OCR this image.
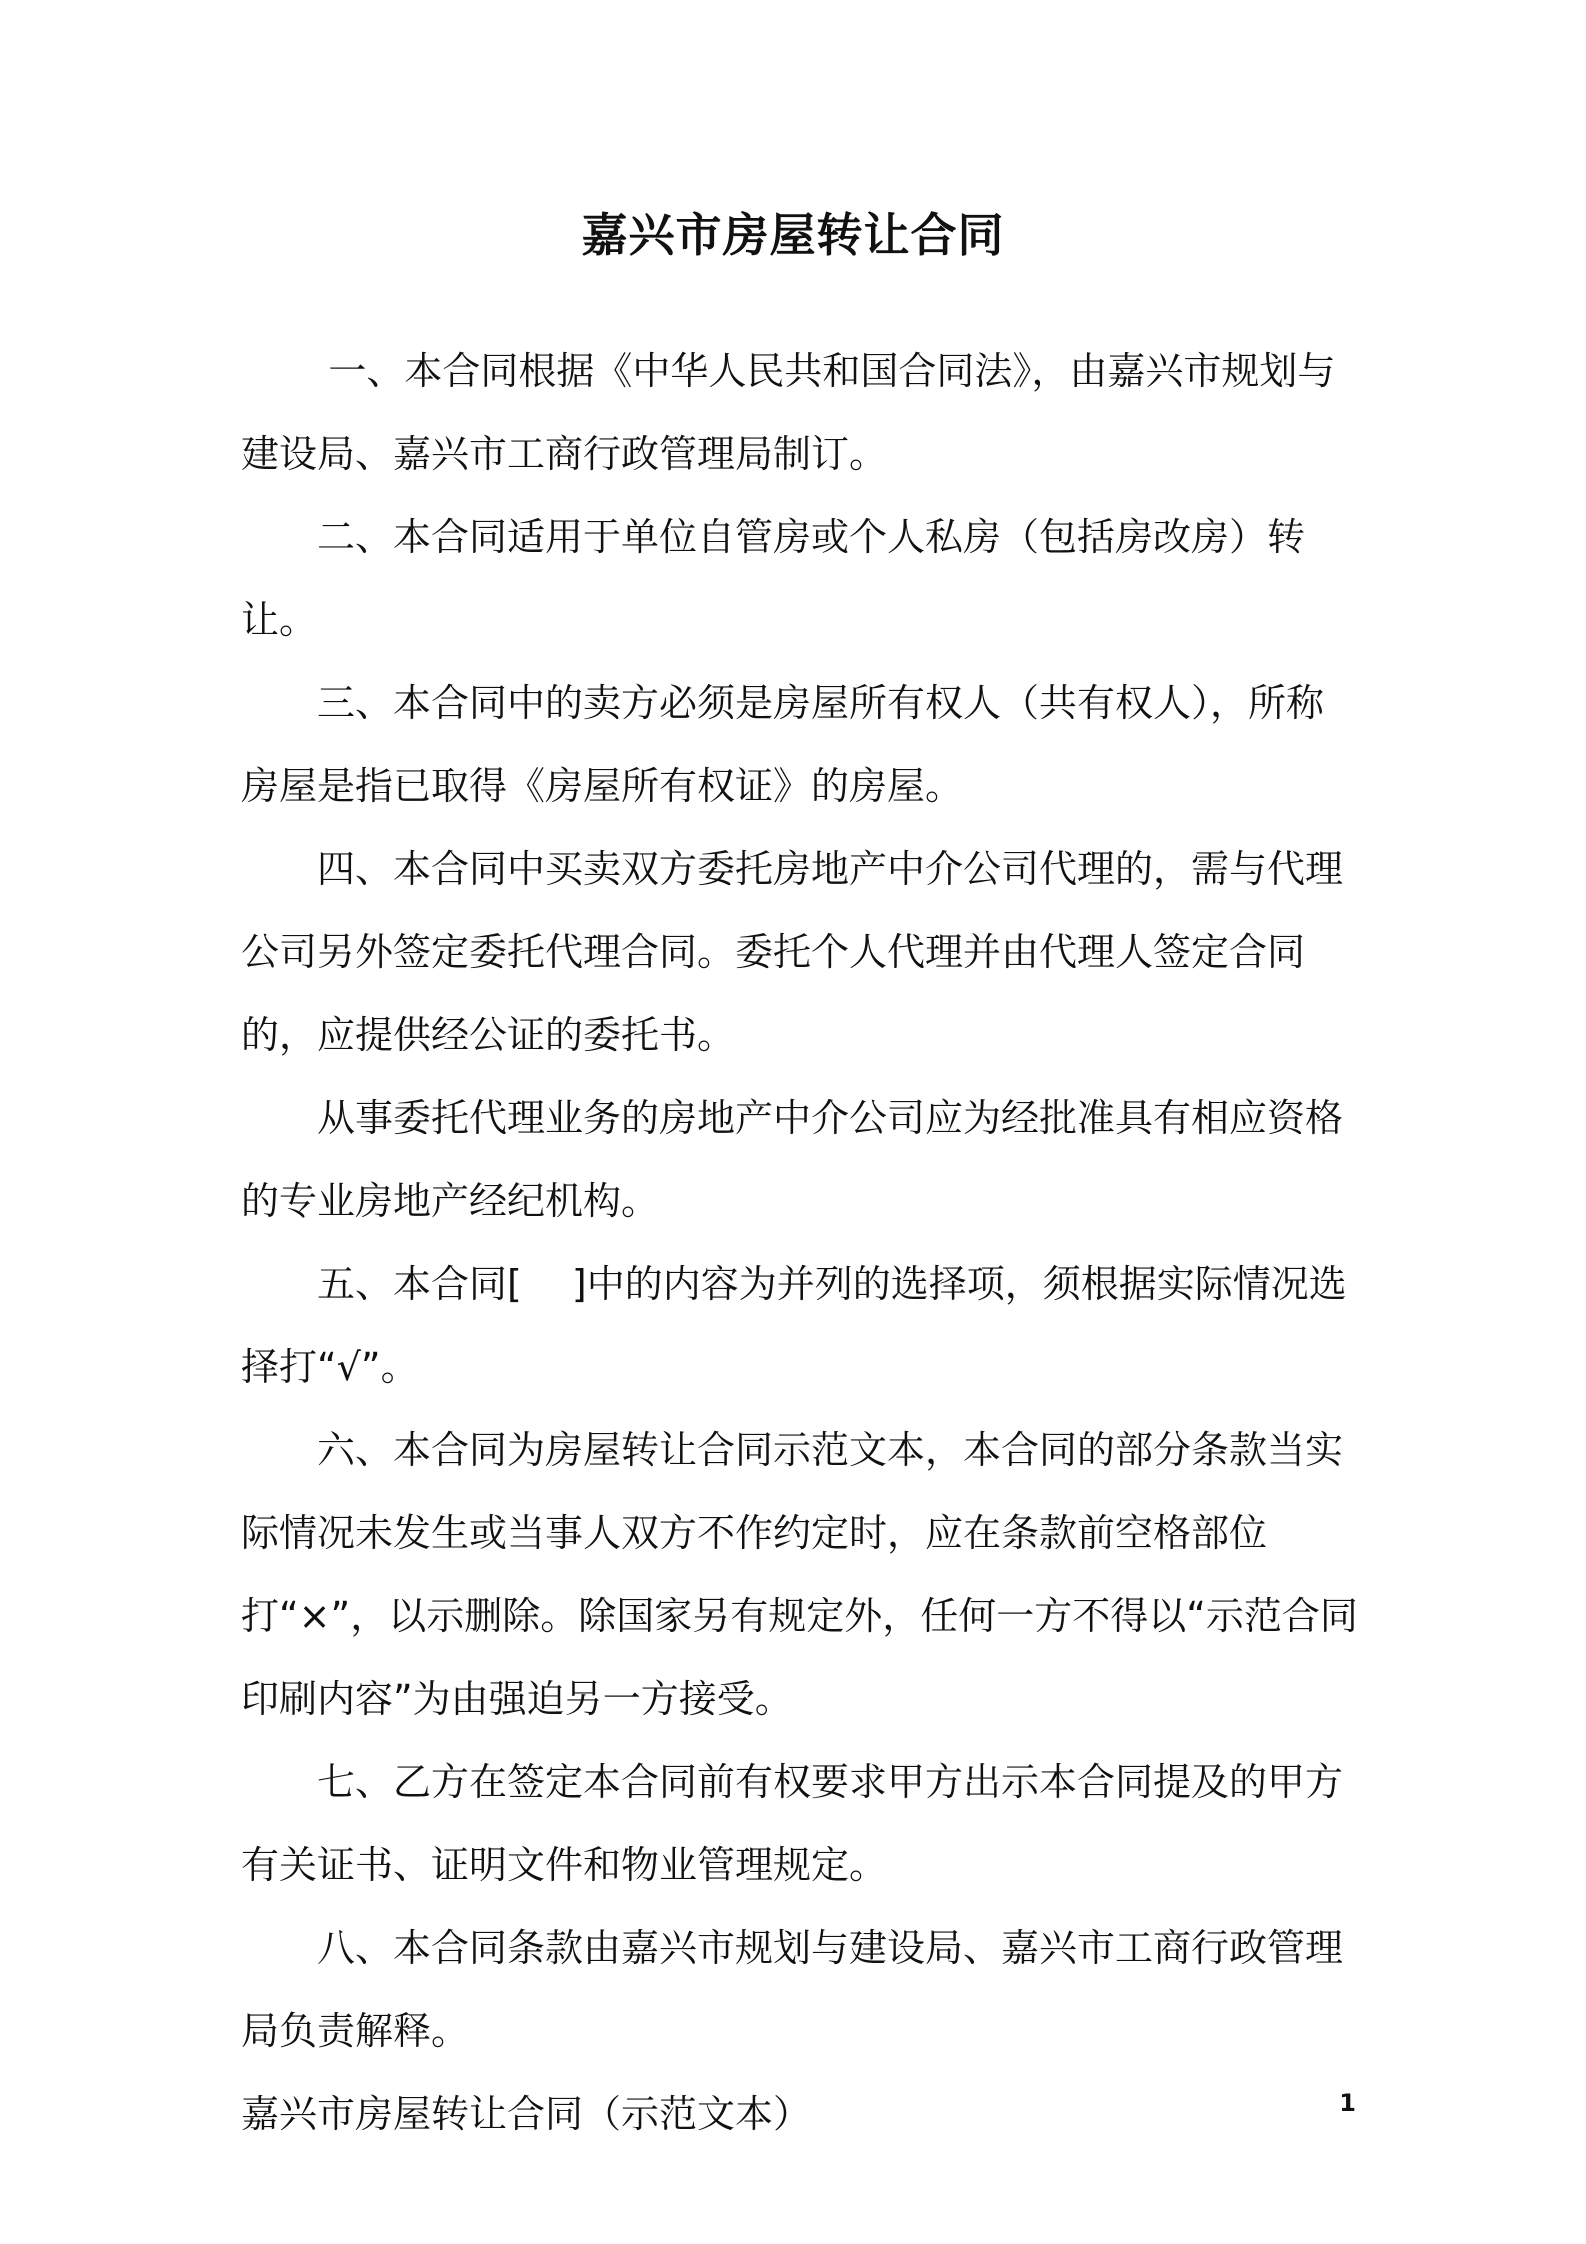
嘉兴市房屋转让合同

一、本合同根据《中华人民共和国合同法》，由嘉兴市规划与建设局、嘉兴市工商行政管理局制订。

二、本合同适用于单位自管房或个人私房（包括房改房）转让。

三、本合同中的卖方必须是房屋所有权人（共有权人），所称房屋是指已取得《房屋所有权证》的房屋。

四、本合同中买卖双方委托房地产中介公司代理的，需与代理公司另外签定委托代理合同。委托个人代理并由代理人签定合同的，应提供经公证的委托书。

从事委托代理业务的房地产中介公司应为经批准具有相应资格的专业房地产经纪机构。

五、本合同[　 ]中的内容为并列的选择项，须根据实际情况选择打“√”。

六、本合同为房屋转让合同示范文本，本合同的部分条款当实际情况未发生或当事人双方不作约定时，应在条款前空格部位打“×”，以示删除。除国家另有规定外，任何一方不得以“示范合同印刷内容”为由强迫另一方接受。

七、乙方在签定本合同前有权要求甲方出示本合同提及的甲方有关证书、证明文件和物业管理规定。

八、本合同条款由嘉兴市规划与建设局、嘉兴市工商行政管理局负责解释。

嘉兴市房屋转让合同（示范文本）	1
